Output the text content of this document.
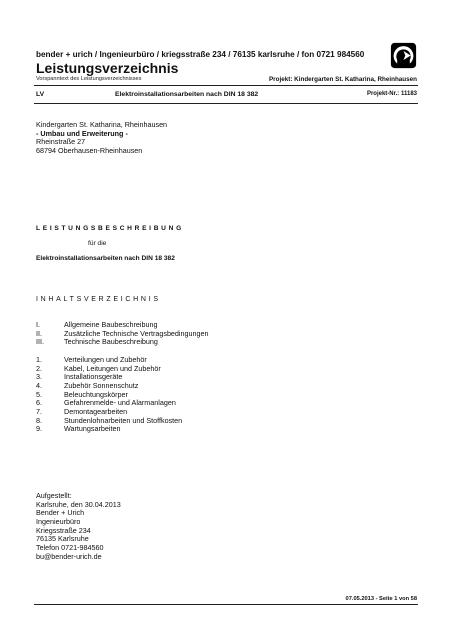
bender + urich / Ingenieurbüro / kriegsstraße 234 / 76135 karlsruhe / fon 0721 984560
Leistungsverzeichnis
Vorspanntext des Leistungsverzeichnisses	Projekt: Kindergarten St. Katharina, Rheinhausen
LV	Elektroinstallationsarbeiten nach DIN 18 382	Projekt-Nr.: 11183
Kindergarten St. Katharina, Rheinhausen
- Umbau und Erweiterung -
Rheinstraße 27
68794 Oberhausen-Rheinhausen
LEISTUNGSBESCHREIBUNG
für die
Elektroinstallationsarbeiten nach DIN 18 382
INHALTSVERZEICHNIS
I.	Allgemeine Baubeschreibung
II.	Zusätzliche Technische Vertragsbedingungen
III.	Technische Baubeschreibung
1.	Verteilungen und Zubehör
2.	Kabel, Leitungen und Zubehör
3.	Installationsgeräte
4.	Zubehör Sonnenschutz
5.	Beleuchtungskörper
6.	Gefahrenmelde- und Alarmanlagen
7.	Demontagearbeiten
8.	Stundenlohnarbeiten und Stoffkosten
9.	Wartungsarbeiten
Aufgestellt:
Karlsruhe, den 30.04.2013
Bender + Urich
Ingenieurbüro
Kriegsstraße 234
76135 Karlsruhe
Telefon 0721-984560
bu@bender-urich.de
07.05.2013 - Seite 1 von 58
